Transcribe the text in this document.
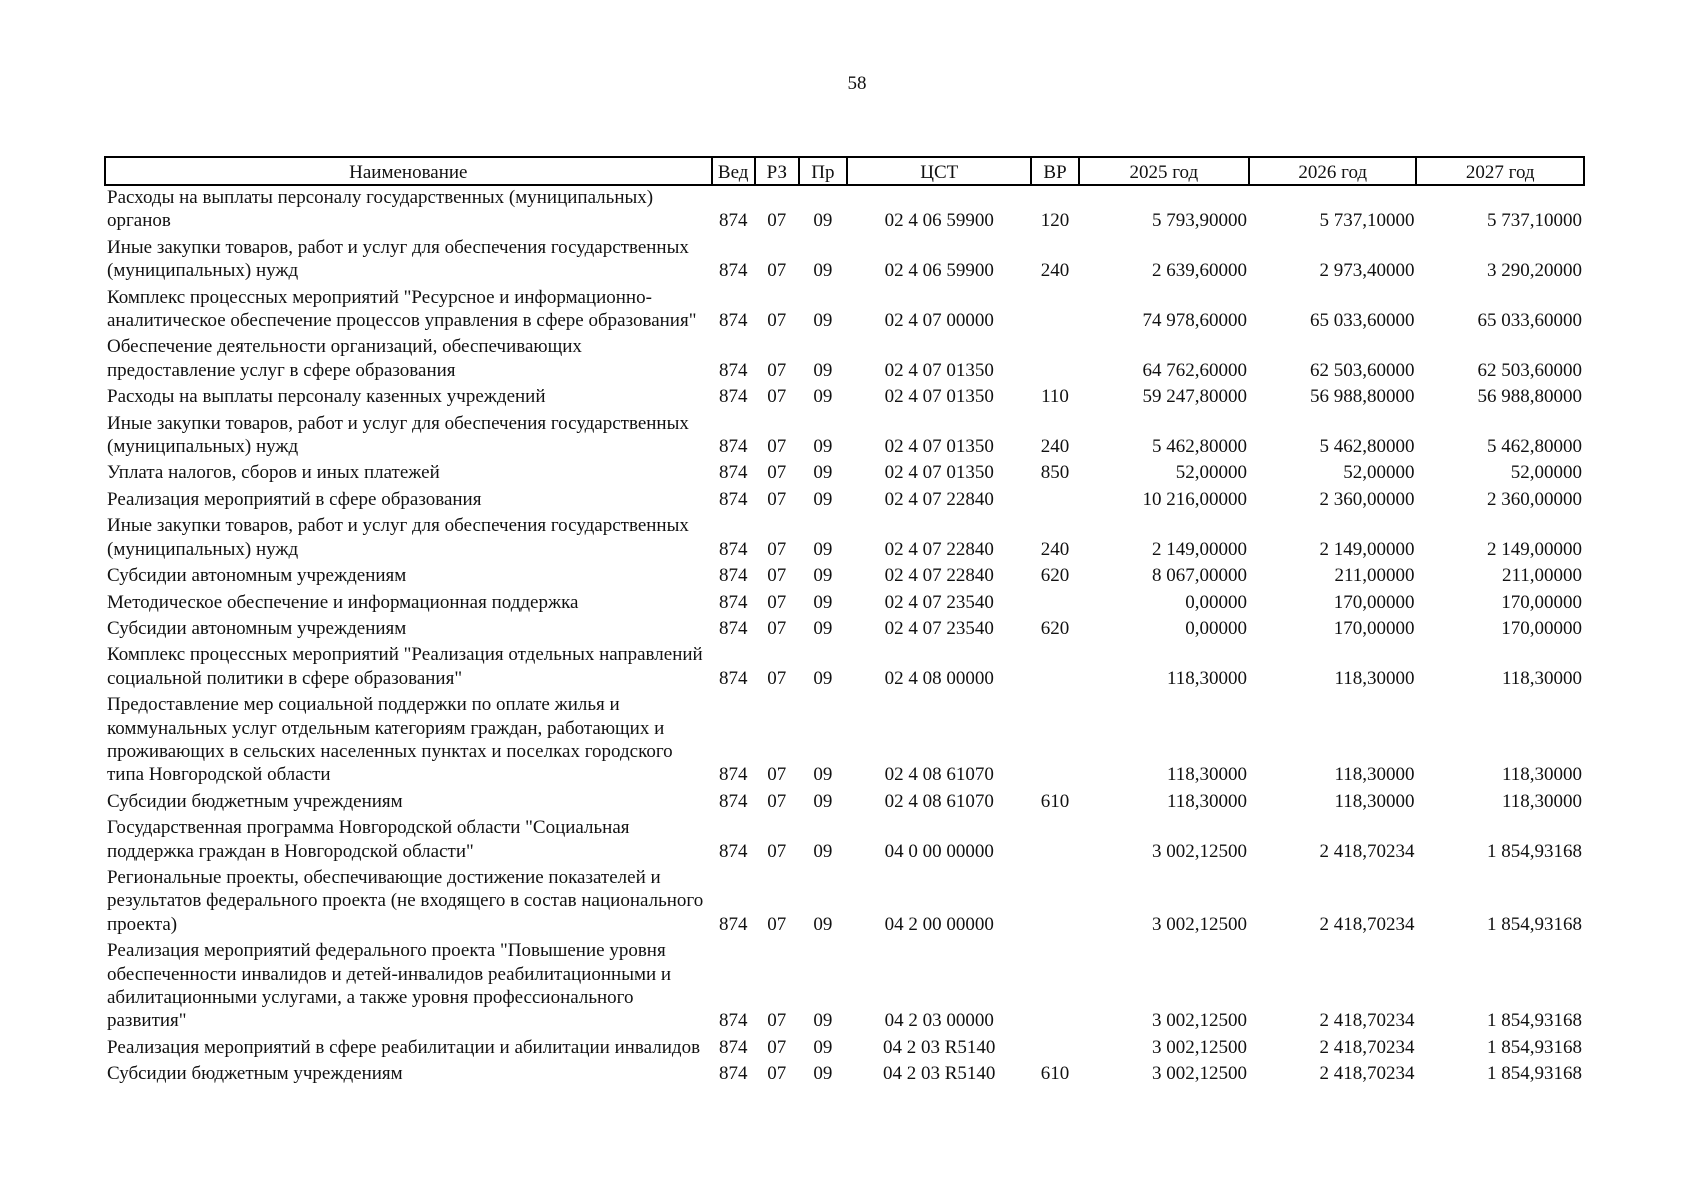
58
Наименование	Вед	РЗ	Пр	ЦСТ	ВР	2025 год	2026 год	2027 год
Расходы на выплаты персоналу государственных (муниципальных) органов	874	07	09	02 4 06 59900	120	5 793,90000	5 737,10000	5 737,10000
Иные закупки товаров, работ и услуг для обеспечения государственных (муниципальных) нужд	874	07	09	02 4 06 59900	240	2 639,60000	2 973,40000	3 290,20000
Комплекс процессных мероприятий "Ресурсное и информационно-аналитическое обеспечение процессов управления в сфере образования"	874	07	09	02 4 07 00000		74 978,60000	65 033,60000	65 033,60000
Обеспечение деятельности организаций, обеспечивающих предоставление услуг в сфере образования	874	07	09	02 4 07 01350		64 762,60000	62 503,60000	62 503,60000
Расходы на выплаты персоналу казенных учреждений	874	07	09	02 4 07 01350	110	59 247,80000	56 988,80000	56 988,80000
Иные закупки товаров, работ и услуг для обеспечения государственных (муниципальных) нужд	874	07	09	02 4 07 01350	240	5 462,80000	5 462,80000	5 462,80000
Уплата налогов, сборов и иных платежей	874	07	09	02 4 07 01350	850	52,00000	52,00000	52,00000
Реализация мероприятий в сфере образования	874	07	09	02 4 07 22840		10 216,00000	2 360,00000	2 360,00000
Иные закупки товаров, работ и услуг для обеспечения государственных (муниципальных) нужд	874	07	09	02 4 07 22840	240	2 149,00000	2 149,00000	2 149,00000
Субсидии автономным учреждениям	874	07	09	02 4 07 22840	620	8 067,00000	211,00000	211,00000
Методическое обеспечение и информационная поддержка	874	07	09	02 4 07 23540		0,00000	170,00000	170,00000
Субсидии автономным учреждениям	874	07	09	02 4 07 23540	620	0,00000	170,00000	170,00000
Комплекс процессных мероприятий "Реализация отдельных направлений социальной политики в сфере образования"	874	07	09	02 4 08 00000		118,30000	118,30000	118,30000
Предоставление мер социальной поддержки по оплате жилья и коммунальных услуг отдельным категориям граждан, работающих и проживающих в сельских населенных пунктах и поселках городского типа Новгородской области	874	07	09	02 4 08 61070		118,30000	118,30000	118,30000
Субсидии бюджетным учреждениям	874	07	09	02 4 08 61070	610	118,30000	118,30000	118,30000
Государственная программа Новгородской области "Социальная поддержка граждан в Новгородской области"	874	07	09	04 0 00 00000		3 002,12500	2 418,70234	1 854,93168
Региональные проекты, обеспечивающие достижение показателей и результатов федерального проекта (не входящего в состав национального проекта)	874	07	09	04 2 00 00000		3 002,12500	2 418,70234	1 854,93168
Реализация мероприятий федерального проекта "Повышение уровня обеспеченности инвалидов и детей-инвалидов реабилитационными и абилитационными услугами, а также уровня профессионального развития"	874	07	09	04 2 03 00000		3 002,12500	2 418,70234	1 854,93168
Реализация мероприятий в сфере реабилитации и абилитации инвалидов	874	07	09	04 2 03 R5140		3 002,12500	2 418,70234	1 854,93168
Субсидии бюджетным учреждениям	874	07	09	04 2 03 R5140	610	3 002,12500	2 418,70234	1 854,93168
